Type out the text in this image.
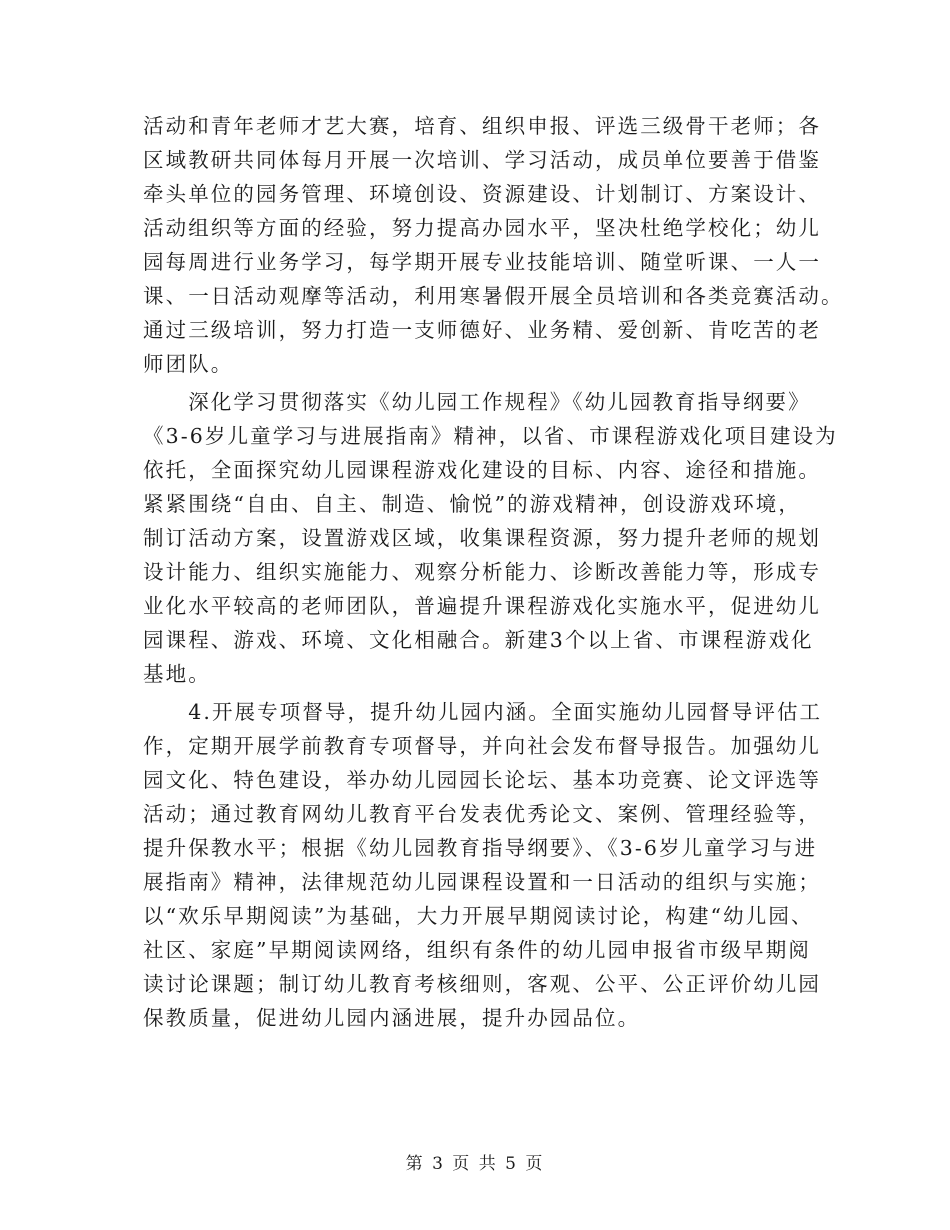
活动和青年老师才艺大赛，培育、组织申报、评选三级骨干老师；各
区域教研共同体每月开展一次培训、学习活动，成员单位要善于借鉴
牵头单位的园务管理、环境创设、资源建设、计划制订、方案设计、
活动组织等方面的经验，努力提高办园水平，坚决杜绝学校化；幼儿
园每周进行业务学习，每学期开展专业技能培训、随堂听课、一人一
课、一日活动观摩等活动，利用寒暑假开展全员培训和各类竞赛活动。
通过三级培训，努力打造一支师德好、业务精、爱创新、肯吃苦的老
师团队。
　　深化学习贯彻落实《幼儿园工作规程》《幼儿园教育指导纲要》
《3-6岁儿童学习与进展指南》精神，以省、市课程游戏化项目建设为
依托，全面探究幼儿园课程游戏化建设的目标、内容、途径和措施。
紧紧围绕“自由、自主、制造、愉悦”的游戏精神，创设游戏环境，
制订活动方案，设置游戏区域，收集课程资源，努力提升老师的规划
设计能力、组织实施能力、观察分析能力、诊断改善能力等，形成专
业化水平较高的老师团队，普遍提升课程游戏化实施水平，促进幼儿
园课程、游戏、环境、文化相融合。新建3个以上省、市课程游戏化
基地。
　　4.开展专项督导，提升幼儿园内涵。全面实施幼儿园督导评估工
作，定期开展学前教育专项督导，并向社会发布督导报告。加强幼儿
园文化、特色建设，举办幼儿园园长论坛、基本功竞赛、论文评选等
活动；通过教育网幼儿教育平台发表优秀论文、案例、管理经验等，
提升保教水平；根据《幼儿园教育指导纲要》、《3-6岁儿童学习与进
展指南》精神，法律规范幼儿园课程设置和一日活动的组织与实施；
以“欢乐早期阅读”为基础，大力开展早期阅读讨论，构建“幼儿园、
社区、家庭”早期阅读网络，组织有条件的幼儿园申报省市级早期阅
读讨论课题；制订幼儿教育考核细则，客观、公平、公正评价幼儿园
保教质量，促进幼儿园内涵进展，提升办园品位。
第 3 页 共 5 页
